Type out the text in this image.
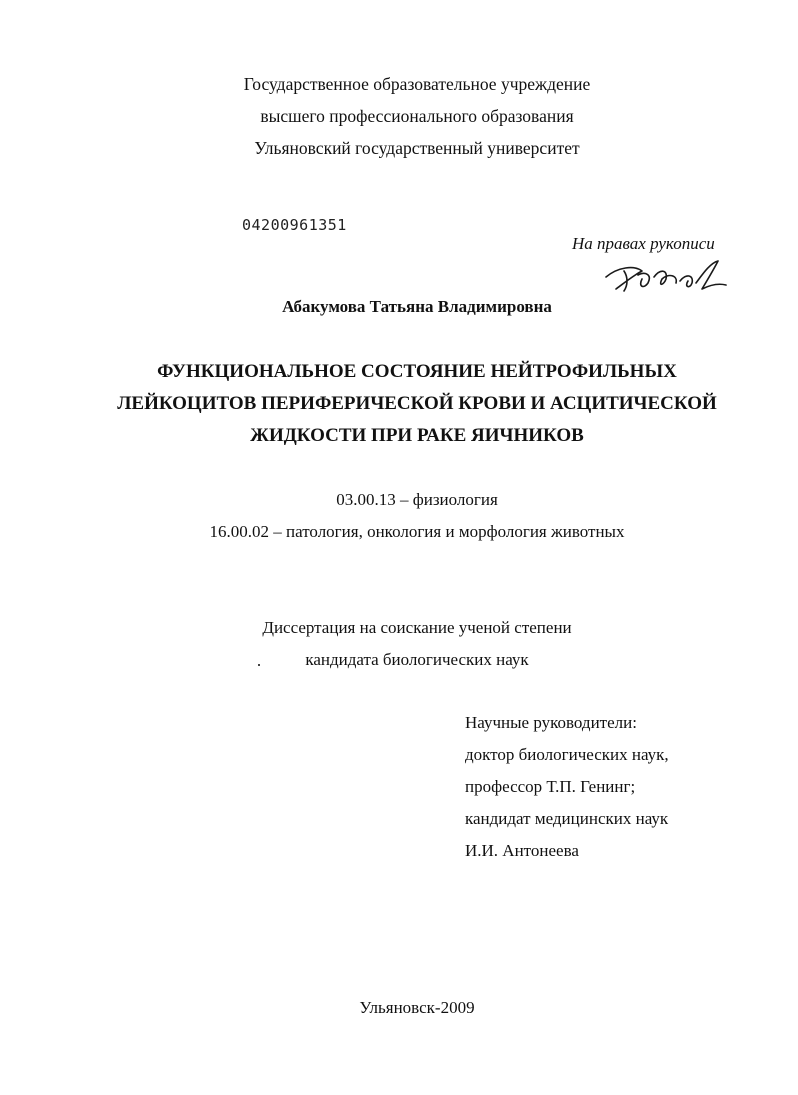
Государственное образовательное учреждение
высшего профессионального образования
Ульяновский государственный университет
04200961351
На правах рукописи
Абакумова Татьяна Владимировна
ФУНКЦИОНАЛЬНОЕ СОСТОЯНИЕ НЕЙТРОФИЛЬНЫХ
ЛЕЙКОЦИТОВ ПЕРИФЕРИЧЕСКОЙ КРОВИ И АСЦИТИЧЕСКОЙ
ЖИДКОСТИ ПРИ РАКЕ ЯИЧНИКОВ
03.00.13 – физиология
16.00.02 – патология, онкология и морфология животных
Диссертация на соискание ученой степени
кандидата биологических наук
Научные руководители:
доктор биологических наук,
профессор Т.П. Генинг;
кандидат медицинских наук
И.И. Антонеева
Ульяновск-2009
